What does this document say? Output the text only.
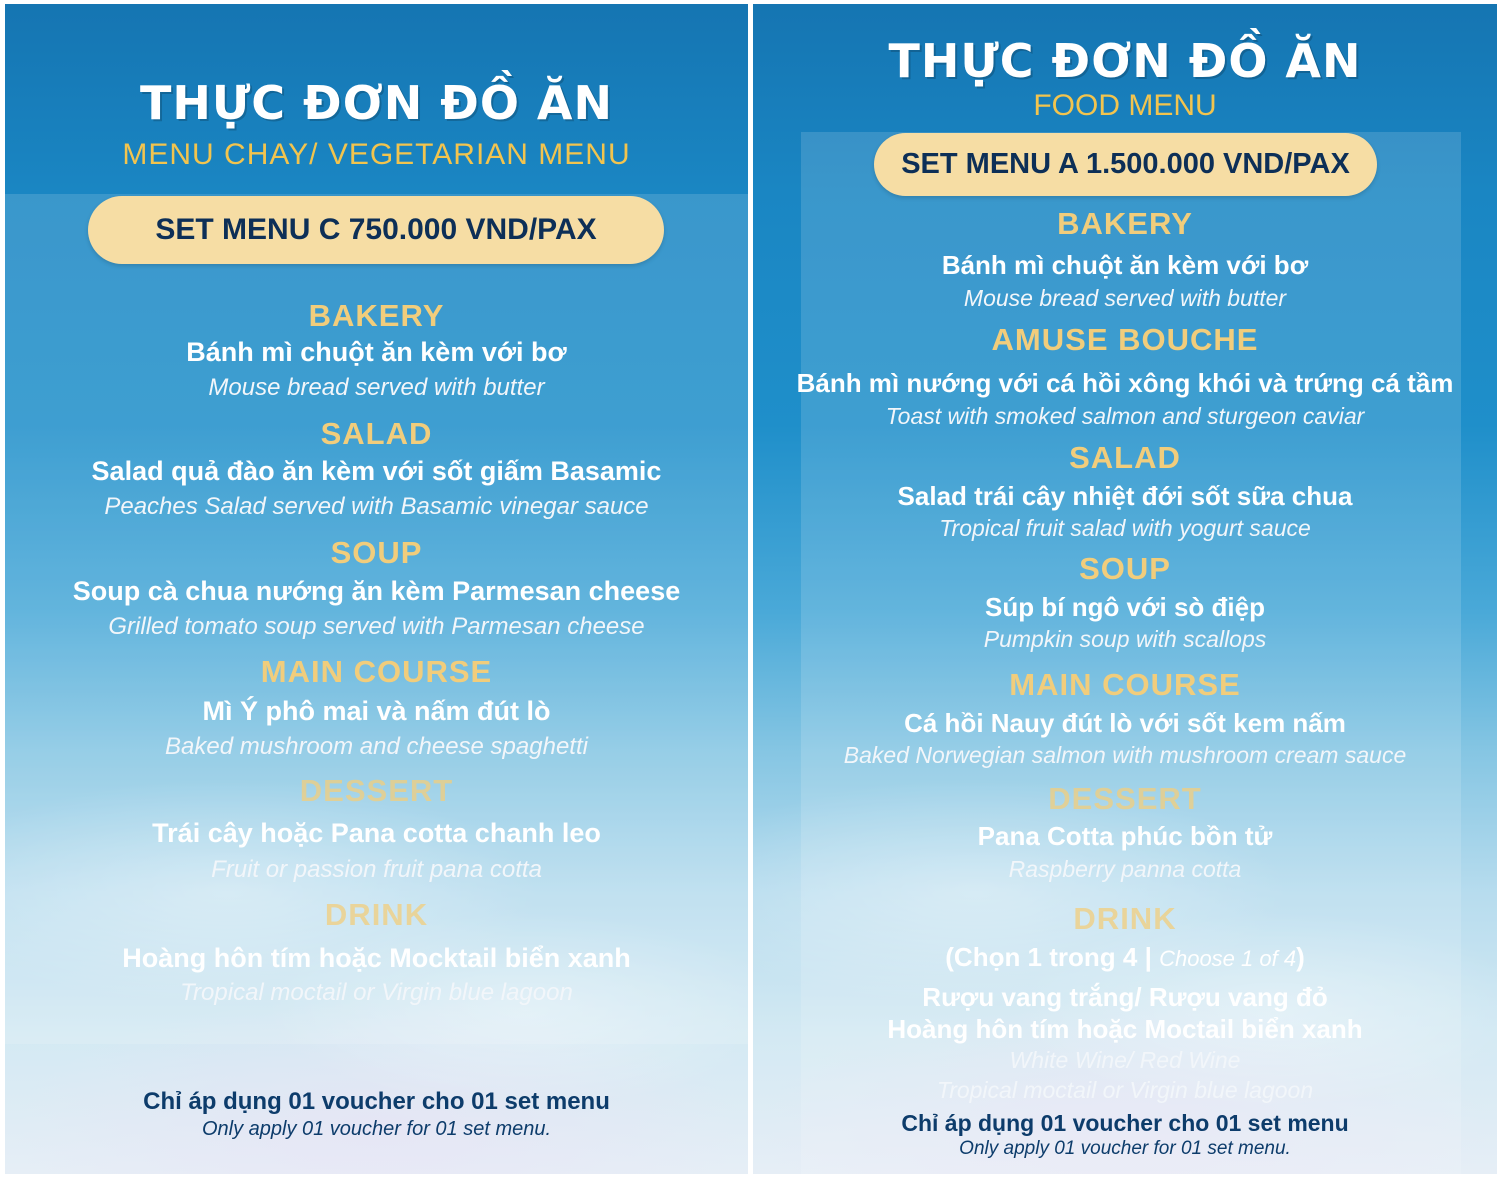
THỰC ĐƠN ĐỒ ĂN
MENU CHAY/ VEGETARIAN MENU
SET MENU C 750.000 VND/PAX
BAKERY
Bánh mì chuột ăn kèm với bơ
Mouse bread served with butter
SALAD
Salad quả đào ăn kèm với sốt giấm Basamic
Peaches Salad served with Basamic vinegar sauce
SOUP
Soup cà chua nướng ăn kèm Parmesan cheese
Grilled tomato soup served with Parmesan cheese
MAIN COURSE
Mì Ý phô mai và nấm đút lò
Baked mushroom and cheese spaghetti
DESSERT
Trái cây hoặc Pana cotta chanh leo
Fruit or passion fruit pana cotta
DRINK
Hoàng hôn tím hoặc Mocktail biển xanh
Tropical moctail or Virgin blue lagoon
Chỉ áp dụng 01 voucher cho 01 set menu
Only apply 01 voucher for 01 set menu.
THỰC ĐƠN ĐỒ ĂN
FOOD MENU
SET MENU A 1.500.000 VND/PAX
BAKERY
Bánh mì chuột ăn kèm với bơ
Mouse bread served with butter
AMUSE BOUCHE
Bánh mì nướng với cá hồi xông khói và trứng cá tầm
Toast with smoked salmon and sturgeon caviar
SALAD
Salad trái cây nhiệt đới sốt sữa chua
Tropical fruit salad with yogurt sauce
SOUP
Súp bí ngô với sò điệp
Pumpkin soup with scallops
MAIN COURSE
Cá hồi Nauy đút lò với sốt kem nấm
Baked Norwegian salmon with mushroom cream sauce
DESSERT
Pana Cotta phúc bồn tử
Raspberry panna cotta
DRINK
(Chọn 1 trong 4 | Choose 1 of 4)
Rượu vang trắng/ Rượu vang đỏ
Hoàng hôn tím hoặc Moctail biển xanh
White Wine/ Red Wine
Tropical moctail or Virgin blue lagoon
Chỉ áp dụng 01 voucher cho 01 set menu
Only apply 01 voucher for 01 set menu.
